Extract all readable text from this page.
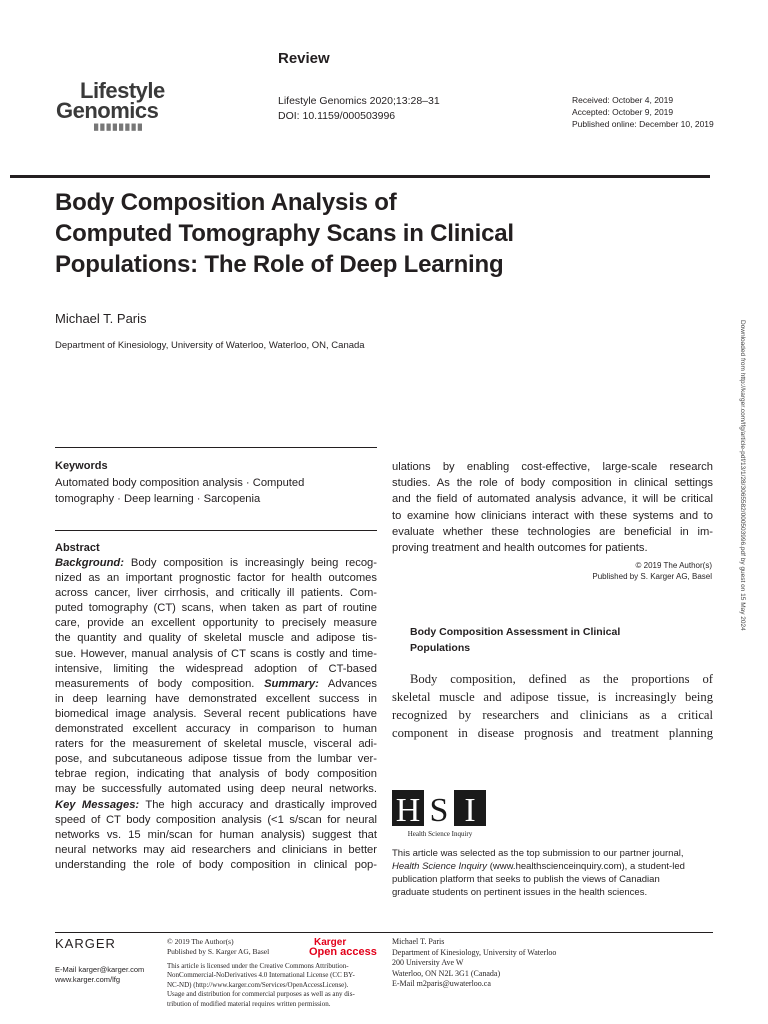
Lifestyle
Genomics
████████
Review
Lifestyle Genomics 2020;13:28–31
DOI: 10.1159/000503996
Received: October 4, 2019
Accepted: October 9, 2019
Published online: December 10, 2019
Body Composition Analysis of
Computed Tomography Scans in Clinical
Populations: The Role of Deep Learning
Michael T. Paris
Department of Kinesiology, University of Waterloo, Waterloo, ON, Canada	Downloaded from http://karger.com/lfg/article-pdf/13/1/28/3065582/000503996.pdf by guest on 15 May 2024
Keywords
Automated body composition analysis · Computed
tomography · Deep learning · Sarcopenia
Abstract
Background: Body composition is increasingly being recog-
nized as an important prognostic factor for health outcomes
across cancer, liver cirrhosis, and critically ill patients. Com-
puted tomography (CT) scans, when taken as part of routine
care, provide an excellent opportunity to precisely measure
the quantity and quality of skeletal muscle and adipose tis-
sue. However, manual analysis of CT scans is costly and time-
intensive, limiting the widespread adoption of CT-based
measurements of body composition. Summary: Advances
in deep learning have demonstrated excellent success in
biomedical image analysis. Several recent publications have
demonstrated excellent accuracy in comparison to human
raters for the measurement of skeletal muscle, visceral adi-
pose, and subcutaneous adipose tissue from the lumbar ver-
tebrae region, indicating that analysis of body composition
may be successfully automated using deep neural networks.
Key Messages: The high accuracy and drastically improved
speed of CT body composition analysis (<1 s/scan for neural
networks vs. 15 min/scan for human analysis) suggest that
neural networks may aid researchers and clinicians in better
understanding the role of body composition in clinical pop-
ulations by enabling cost-effective, large-scale research
studies. As the role of body composition in clinical settings
and the field of automated analysis advance, it will be critical
to examine how clinicians interact with these systems and to
evaluate whether these technologies are beneficial in im-
proving treatment and health outcomes for patients.
© 2019 The Author(s)
Published by S. Karger AG, Basel
Body Composition Assessment in Clinical
Populations
Body composition, defined as the proportions of
skeletal muscle and adipose tissue, is increasingly being
recognized by researchers and clinicians as a critical
component in disease prognosis and treatment planning
H S I
Health Science Inquiry
This article was selected as the top submission to our partner journal,
Health Science Inquiry (www.healthscienceinquiry.com), a student-led
publication platform that seeks to publish the views of Canadian
graduate students on pertinent issues in the health sciences.
KARGER
E-Mail karger@karger.com
www.karger.com/lfg
© 2019 The Author(s)
Published by S. Karger AG, Basel
Karger
Open access
This article is licensed under the Creative Commons Attribution-
NonCommercial-NoDerivatives 4.0 International License (CC BY-
NC-ND) (http://www.karger.com/Services/OpenAccessLicense).
Usage and distribution for commercial purposes as well as any dis-
tribution of modified material requires written permission.
Michael T. Paris
Department of Kinesiology, University of Waterloo
200 University Ave W
Waterloo, ON N2L 3G1 (Canada)
E-Mail m2paris@uwaterloo.ca
